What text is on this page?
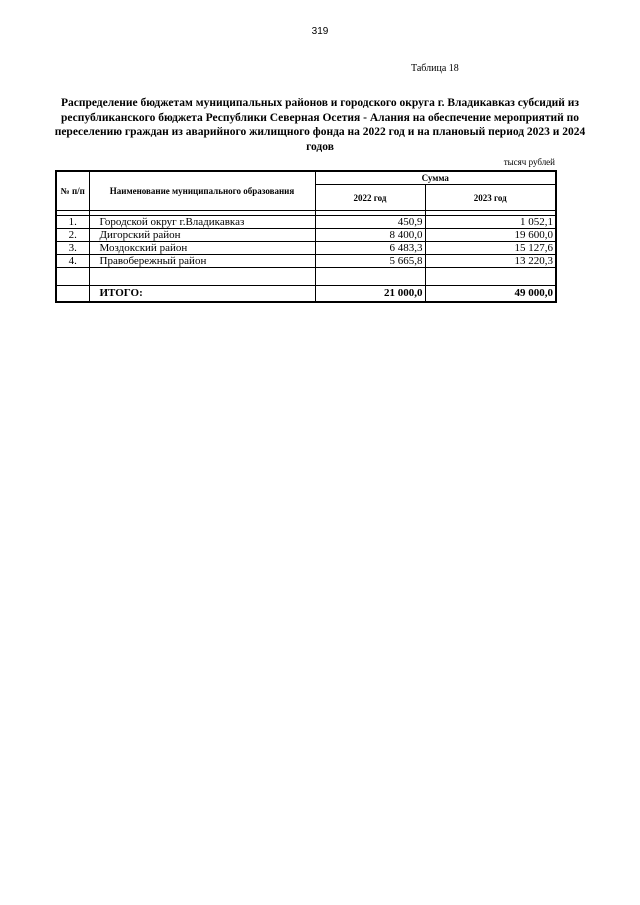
319
Таблица 18
Распределение бюджетам муниципальных районов и городского округа г. Владикавказ субсидий из республиканского бюджета Республики Северная Осетия - Алания на обеспечение мероприятий по переселению граждан из аварийного жилищного фонда на 2022 год и на плановый период 2023 и 2024 годов
тысяч рублей
№ п/п	Наименование муниципального образования	Сумма	
		2022 год	2023 год

1.	Городской округ г.Владикавказ	450,9	1 052,1
2.	Дигорский район	8 400,0	19 600,0
3.	Моздокский район	6 483,3	15 127,6
4.	Правобережный район	5 665,8	13 220,3

	ИТОГО:	21 000,0	49 000,0
